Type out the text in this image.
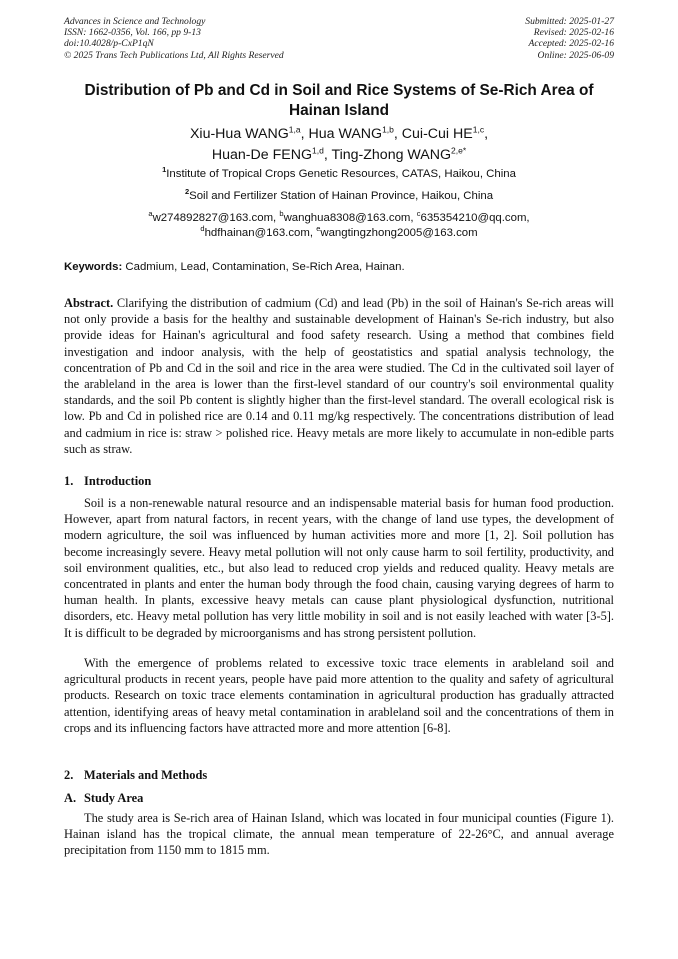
Advances in Science and Technology
ISSN: 1662-0356, Vol. 166, pp 9-13
doi:10.4028/p-CxP1qN
© 2025 Trans Tech Publications Ltd, All Rights Reserved
Submitted: 2025-01-27
Revised: 2025-02-16
Accepted: 2025-02-16
Online: 2025-06-09
Distribution of Pb and Cd in Soil and Rice Systems of Se-Rich Area of Hainan Island
Xiu-Hua WANG$^{1,a}$, Hua WANG$^{1,b}$, Cui-Cui HE$^{1,c}$,
Huan-De FENG$^{1,d}$, Ting-Zhong $WANG^{2,e*}$
$^1$Institute of Tropical Crops Genetic Resources, CATAS, Haikou, China
$^2$Soil and Fertilizer Station of Hainan Province, Haikou, China
$^a$w274892827@163.com, $^b$wanghua8308@163.com, $^c$635354210@qq.com,
$^d$hdfhainan@163.com, $^e$wangtingzhong2005@163.com
Keywords: Cadmium, Lead, Contamination, Se-Rich Area, Hainan.
Abstract. Clarifying the distribution of cadmium (Cd) and lead (Pb) in the soil of Hainan's Se-rich areas will not only provide a basis for the healthy and sustainable development of Hainan's Se-rich industry, but also provide ideas for Hainan's agricultural and food safety research. Using a method that combines field investigation and indoor analysis, with the help of geostatistics and spatial analysis technology, the concentration of Pb and Cd in the soil and rice in the area were studied. The Cd in the cultivated soil layer of the arableland in the area is lower than the first-level standard of our country's soil environmental quality standards, and the soil Pb content is slightly higher than the first-level standard. The overall ecological risk is low. Pb and Cd in polished rice are 0.14 and 0.11 mg/kg respectively. The concentrations distribution of lead and cadmium in rice is: straw > polished rice. Heavy metals are more likely to accumulate in non-edible parts such as straw.
1. Introduction
Soil is a non-renewable natural resource and an indispensable material basis for human food production. However, apart from natural factors, in recent years, with the change of land use types, the development of modern agriculture, the soil was influenced by human activities more and more [1, 2]. Soil pollution has become increasingly severe. Heavy metal pollution will not only cause harm to soil fertility, productivity, and soil environment qualities, etc., but also lead to reduced crop yields and reduced quality. Heavy metals are concentrated in plants and enter the human body through the food chain, causing varying degrees of harm to human health. In plants, excessive heavy metals can cause plant physiological dysfunction, nutritional disorders, etc. Heavy metal pollution has very little mobility in soil and is not easily leached with water [3-5]. It is difficult to be degraded by microorganisms and has strong persistent pollution.
With the emergence of problems related to excessive toxic trace elements in arableland soil and agricultural products in recent years, people have paid more attention to the quality and safety of agricultural products. Research on toxic trace elements contamination in agricultural production has gradually attracted attention, identifying areas of heavy metal contamination in arableland soil and the concentrations of them in crops and its influencing factors have attracted more and more attention [6-8].
2. Materials and Methods
A. Study Area
The study area is Se-rich area of Hainan Island, which was located in four municipal counties (Figure 1). Hainan island has the tropical climate, the annual mean temperature of 22-26°C, and annual average precipitation from 1150 mm to 1815 mm.
